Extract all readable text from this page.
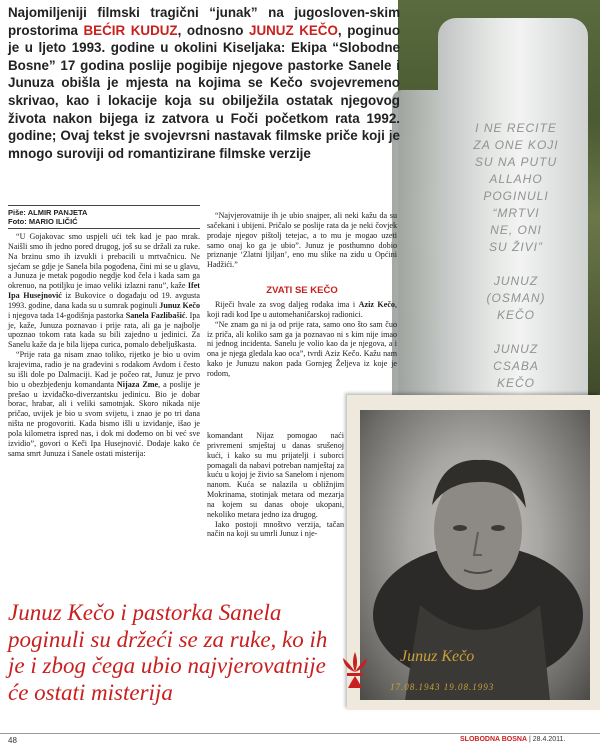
I NE RECITE
ZA ONE KOJI
SU NA PUTU
ALLAHO
POGINULI
“MRTVI
NE, ONI
SU ŽIVI”

JUNUZ
(OSMAN)
KEČO

JUNUZ
CSABA
KEČO

Najomiljeniji filmski tragični “junak” na jugosloven-skim prostorima BEĆIR KUDUZ, odnosno JUNUZ KEČO, poginuo je u ljeto 1993. godine u okolini Kiseljaka: Ekipa “Slobodne Bosne” 17 godina poslije pogibije njegove pastorke Sanele i Junuza obišla je mjesta na kojima se Kečo svojevremeno skrivao, kao i lokacije koja su obilježila ostatak njegovog života nakon bijega iz zatvora u Foči početkom rata 1992. godine; Ovaj tekst je svojevrsni nastavak filmske priče koji je mnogo suroviji od romantizirane filmske verzije
Piše: ALMIR PANJETA
Foto: MARIO ILIČIĆ

“U Gojakovac smo uspjeli ući tek kad je pao mrak. Naišli smo ih jedno pored drugog, još su se držali za ruke. Na brzinu smo ih izvukli i prebacili u mrtvačnicu. Ne sjećam se gdje je Sanela bila pogođena, čini mi se u glavu, a Junuza je metak pogodio negdje kod čela i kada sam ga okrenuo, na potiljku je imao veliki izlazni ranu”, kaže Ifet Ipa Husejnović iz Bukovice o događaju od 19. avgusta 1993. godine, dana kada su u sumrak poginuli Junuz Kečo i njegova tada 14-godišnja pastorka Sanela Fazlibašić. Ipa je, kaže, Junuza poznavao i prije rata, ali ga je najbolje upoznao tokom rata kada su bili zajedno u jedinici. Za Sanelu kaže da je bila lijepa curica, pomalo debeljuškasta.

“Prije rata ga nisam znao toliko, rijetko je bio u ovim krajevima, radio je na građevini s rodakom Avdom i često su išli dole po Dalmaciji. Kad je počeo rat, Junuz je prvo bio u obezbjeđenju komandanta Nijaza Zme, a poslije je prešao u izviđačko-diverzantsku jedinicu. Bio je dobar borac, hrabar, ali i veliki samotnjak. Skoro nikada nije pričao, uvijek je bio u svom svijetu, i znao je po tri dana ništa ne progovoriti. Kada bismo išli u izviđanje, išao je pola kilometra ispred nas, i dok mi dođemo on bi već sve izvidio”, govori o Keči Ipa Husejnović. Dodaje kako će sama smrt Junuza i Sanele ostati misterija:

“Najvjerovatnije ih je ubio snajper, ali neki kažu da su sačekani i ubijeni. Pričalo se poslije rata da je neki čovjek prodaje njegov pištolj tetejac, a to mu je mogao uzeti samo onaj ko ga je ubio”. Junuz je posthumno dobio priznanje ‘Zlatni ljiljan’, eno mu slike na zidu u Općini Hadžići.”

ZVATI SE KEČO

Riječi hvale za svog daljeg rođaka ima i Aziz Kečo, koji radi kod Ipe u automehaničarskoj radionici.

“Ne znam ga ni ja od prije rata, samo ono što sam čuo iz priča, ali koliko sam ga ja poznavao ni s kim nije imao ni jednog incidenta. Sanelu je volio kao da je njegova, a i ona je njega gledala kao oca”, tvrdi Aziz Kečo. Kažu nam kako je Junuzu nakon pada Gornjeg Željeva iz koje je rodom,

komandant Nijaz pomogao naći privremeni smještaj u danas srušenoj kući, i kako su mu prijatelji i suborci pomagali da nabavi potreban namještaj za kuću u kojoj je živio sa Sanelom i njenom nanom. Kuća se nalazila u obližnjim Mokrinama, stotinjak metara od mezarja na kojem su danas oboje ukopani, nekoliko metara jedno iza drugog.

Iako postoji mnoštvo verzija, tačan način na koji su umrli Junuz i nje-

Junuz Kečo
17.08.1943 19.08.1993
Junuz Kečo i pastorka Sanela poginuli su držeći se za ruke, ko ih je i zbog čega ubio najvjerovatnije će ostati misterija
48	SLOBODNA BOSNA | 28.4.2011.
